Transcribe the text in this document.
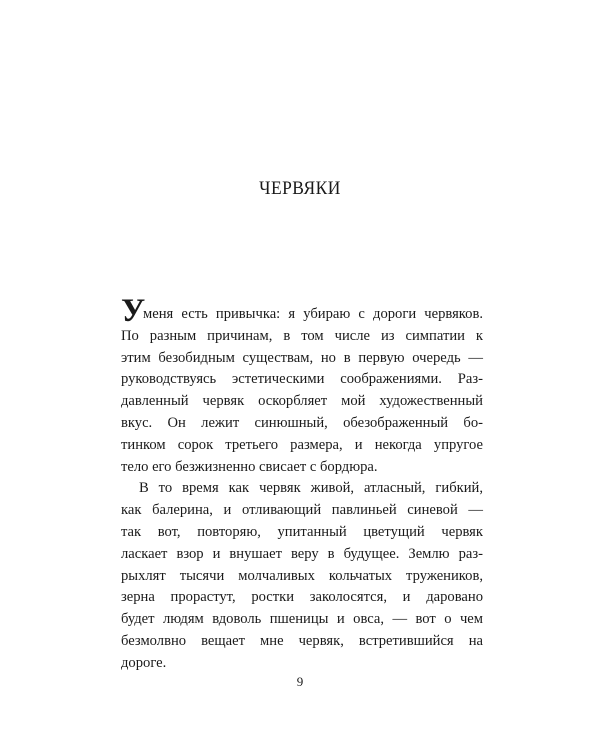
ЧЕРВЯКИ
У
меня есть привычка: я убираю с дороги червяков.
По разным причинам, в том числе из симпатии к
этим безобидным существам, но в первую очередь —
руководствуясь эстетическими соображениями. Раз-
давленный червяк оскорбляет мой художественный
вкус. Он лежит синюшный, обезображенный бо-
тинком сорок третьего размера, и некогда упругое
тело его безжизненно свисает с бордюра.
В то время как червяк живой, атласный, гибкий,
как балерина, и отливающий павлиньей синевой —
так вот, повторяю, упитанный цветущий червяк
ласкает взор и внушает веру в будущее. Землю раз-
рыхлят тысячи молчаливых кольчатых тружеников,
зерна прорастут, ростки заколосятся, и даровано
будет людям вдоволь пшеницы и овса, — вот о чем
безмолвно вещает мне червяк, встретившийся на
дороге.
9
